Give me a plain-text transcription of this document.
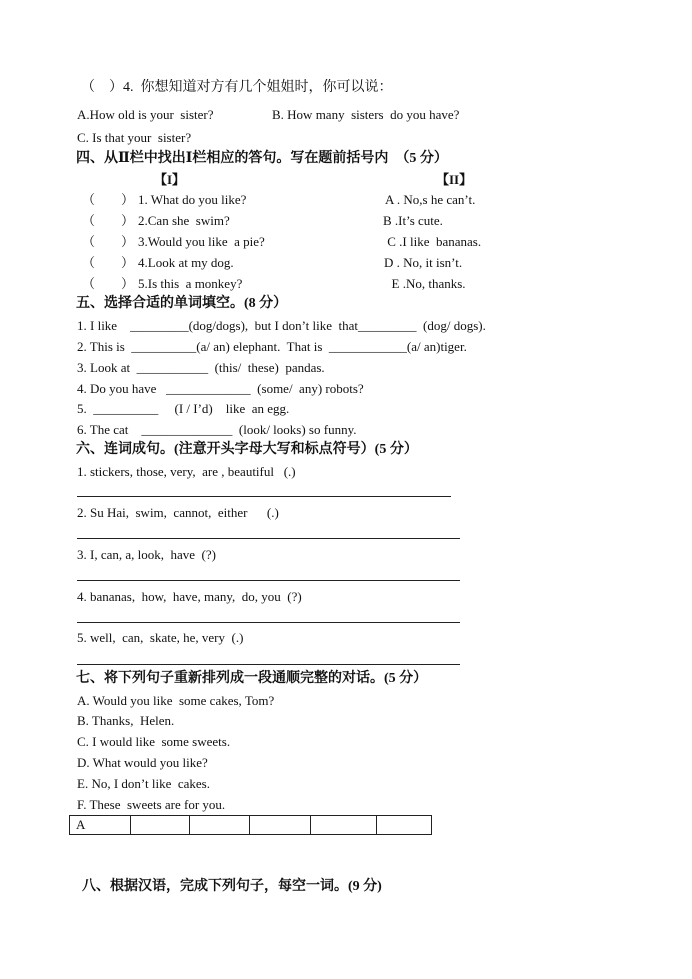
（    ）4.  你想知道对方有几个姐姐时，你可以说：
A.How old is your  sister?	B. How many  sisters  do you have?
C. Is that your  sister?
四、从Ⅱ栏中找出Ⅰ栏相应的答句。写在题前括号内  （5 分）
【I】	【II】
（        ） 1. What do you like?	A . No,s he can’t.
（        ） 2.Can she  swim?	B .It’s cute.
（        ） 3.Would you like  a pie?	C .I like  bananas.
（        ） 4.Look at my dog.	D . No, it isn’t.
（        ） 5.Is this  a monkey?	E .No, thanks.
五、选择合适的单词填空。(8 分）
1. I like    _________(dog/dogs),  but I don’t like  that_________  (dog/ dogs).
2. This is  __________(a/ an) elephant.  That is  ____________(a/ an)tiger.
3. Look at  ___________  (this/  these)  pandas.
4. Do you have   _____________  (some/  any) robots?
5.  __________     (I / I’d)    like  an egg.
6. The cat    ______________  (look/ looks) so funny.
六、连词成句。(注意开头字母大写和标点符号）(5 分）
1. stickers, those, very,  are , beautiful   (.)
2. Su Hai,  swim,  cannot,  either      (.)
3. I, can, a, look,  have  (?)
4. bananas,  how,  have, many,  do, you  (?)
5. well,  can,  skate, he, very  (.)
七、将下列句子重新排列成一段通顺完整的对话。(5 分）
A. Would you like  some cakes, Tom?
B. Thanks,  Helen.
C. I would like  some sweets.
D. What would you like?
E. No, I don’t like  cakes.
F. These  sweets are for you.
A					
八、根据汉语，完成下列句子，每空一词。(9 分)
